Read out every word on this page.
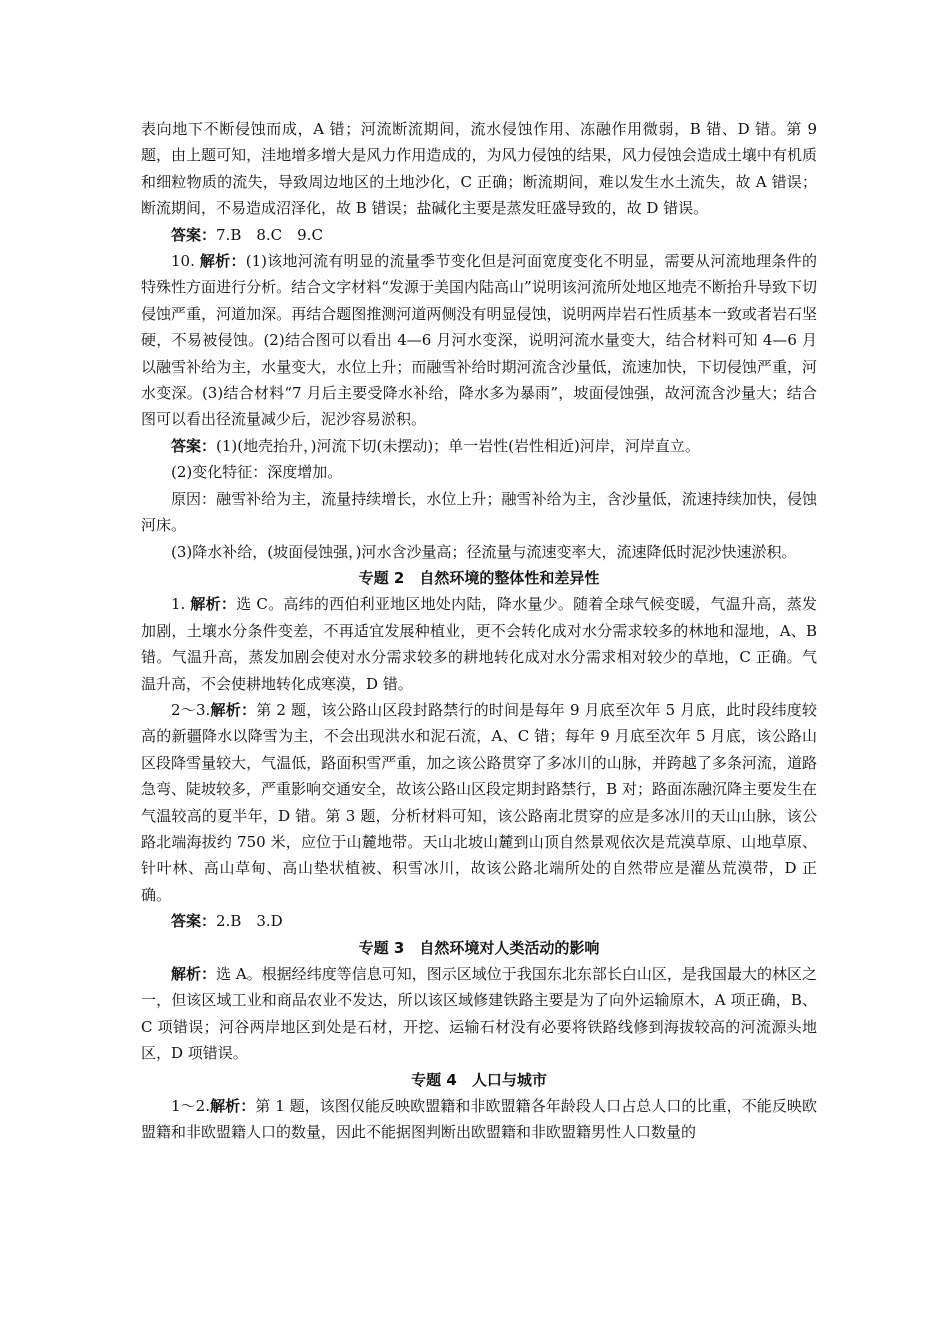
表向地下不断侵蚀而成，A 错；河流断流期间，流水侵蚀作用、冻融作用微弱，B 错、D 错。第 9 题，由上题可知，洼地增多增大是风力作用造成的，为风力侵蚀的结果，风力侵蚀会造成土壤中有机质和细粒物质的流失，导致周边地区的土地沙化，C 正确；断流期间，难以发生水土流失，故 A 错误；断流期间，不易造成沼泽化，故 B 错误；盐碱化主要是蒸发旺盛导致的，故 D 错误。

答案：7.B　8.C　9.C

10. 解析：(1)该地河流有明显的流量季节变化但是河面宽度变化不明显，需要从河流地理条件的特殊性方面进行分析。结合文字材料“发源于美国内陆高山”说明该河流所处地区地壳不断抬升导致下切侵蚀严重，河道加深。再结合题图推测河道两侧没有明显侵蚀，说明两岸岩石性质基本一致或者岩石坚硬，不易被侵蚀。(2)结合图可以看出 4—6 月河水变深，说明河流水量变大，结合材料可知 4—6 月以融雪补给为主，水量变大，水位上升；而融雪补给时期河流含沙量低，流速加快，下切侵蚀严重，河水变深。(3)结合材料“7 月后主要受降水补给，降水多为暴雨”，坡面侵蚀强，故河流含沙量大；结合图可以看出径流量减少后，泥沙容易淤积。

答案：(1)(地壳抬升，)河流下切(未摆动)；单一岩性(岩性相近)河岸，河岸直立。

(2)变化特征：深度增加。

原因：融雪补给为主，流量持续增长，水位上升；融雪补给为主，含沙量低，流速持续加快，侵蚀河床。

(3)降水补给，(坡面侵蚀强，)河水含沙量高；径流量与流速变率大，流速降低时泥沙快速淤积。

专题 2　自然环境的整体性和差异性

1. 解析：选 C。高纬的西伯利亚地区地处内陆，降水量少。随着全球气候变暖，气温升高，蒸发加剧，土壤水分条件变差，不再适宜发展种植业，更不会转化成对水分需求较多的林地和湿地，A、B 错。气温升高，蒸发加剧会使对水分需求较多的耕地转化成对水分需求相对较少的草地，C 正确。气温升高，不会使耕地转化成寒漠，D 错。

2～3.解析：第 2 题，该公路山区段封路禁行的时间是每年 9 月底至次年 5 月底，此时段纬度较高的新疆降水以降雪为主，不会出现洪水和泥石流，A、C 错；每年 9 月底至次年 5 月底，该公路山区段降雪量较大，气温低，路面积雪严重，加之该公路贯穿了多冰川的山脉，并跨越了多条河流，道路急弯、陡坡较多，严重影响交通安全，故该公路山区段定期封路禁行，B 对；路面冻融沉降主要发生在气温较高的夏半年，D 错。第 3 题，分析材料可知，该公路南北贯穿的应是多冰川的天山山脉，该公路北端海拔约 750 米，应位于山麓地带。天山北坡山麓到山顶自然景观依次是荒漠草原、山地草原、针叶林、高山草甸、高山垫状植被、积雪冰川，故该公路北端所处的自然带应是灌丛荒漠带，D 正确。

答案：2.B　3.D

专题 3　自然环境对人类活动的影响

解析：选 A。根据经纬度等信息可知，图示区域位于我国东北东部长白山区，是我国最大的林区之一，但该区域工业和商品农业不发达，所以该区域修建铁路主要是为了向外运输原木，A 项正确，B、C 项错误；河谷两岸地区到处是石材，开挖、运输石材没有必要将铁路线修到海拔较高的河流源头地区，D 项错误。

专题 4　人口与城市

1～2.解析：第 1 题，该图仅能反映欧盟籍和非欧盟籍各年龄段人口占总人口的比重，不能反映欧盟籍和非欧盟籍人口的数量，因此不能据图判断出欧盟籍和非欧盟籍男性人口数量的
